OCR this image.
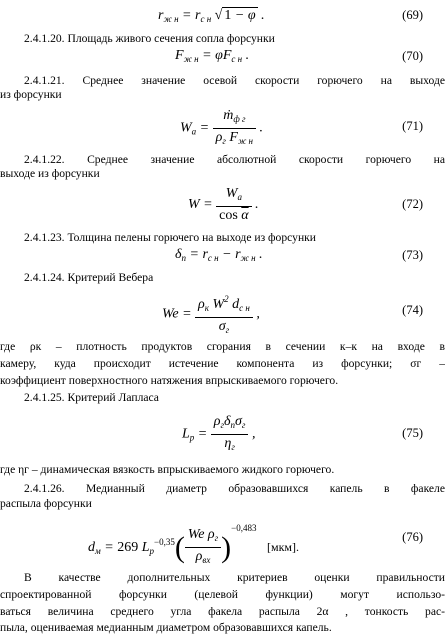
$r_{ж н} = r_{с н}$ √ 1 − φ .	(69)
2.4.1.20. Площадь живого сечения сопла форсунки
$F_{ж н} = \varphi F_{с н}$ .	(70)
2.4.1.21. Среднее значение осевой скорости горючего на выходе
из форсунки
$W_a = \frac{ṁ_{ф г}}{\rho_г F_{ж н}}$ .	(71)
2.4.1.22. Среднее значение абсолютной скорости горючего на
выходе из форсунки
$W = \frac{W_a}{\cos \overline{\alpha}}$ .	(72)
2.4.1.23. Толщина пелены горючего на выходе из форсунки
$\delta_п = r_{с н} - r_{ж н}$ .	(73)
2.4.1.24. Критерий Вебера
$We = \frac{\rho_к W^2 d_{с н}}{\sigma_г}$ ,	(74)
где ρк – плотность продуктов сгорания в сечении к–к на входе в
камеру, куда происходит истечение компонента из форсунки; σг –
коэффициент поверхностного натяжения впрыскиваемого горючего.
2.4.1.25. Критерий Лапласа
$L_p = \frac{\rho_г\delta_п\sigma_г}{\eta_г}$ ,	(75)
где ηг – динамическая вязкость впрыскиваемого жидкого горючего.
2.4.1.26. Медианный диаметр образовавшихся капель в факеле
распыла форсунки
$d_м = 269$ $L_p^{-0,35}( \frac{We \rho_г}{\rho_{вх}} )^{-0,483}$   [мкм].
(76)
В качестве дополнительных критериев оценки правильности
спроектированной форсунки (целевой функции) могут использо-
ваться величина среднего угла факела распыла 2α , тонкость рас-
пыла, оцениваемая медианным диаметром образовавшихся капель.
